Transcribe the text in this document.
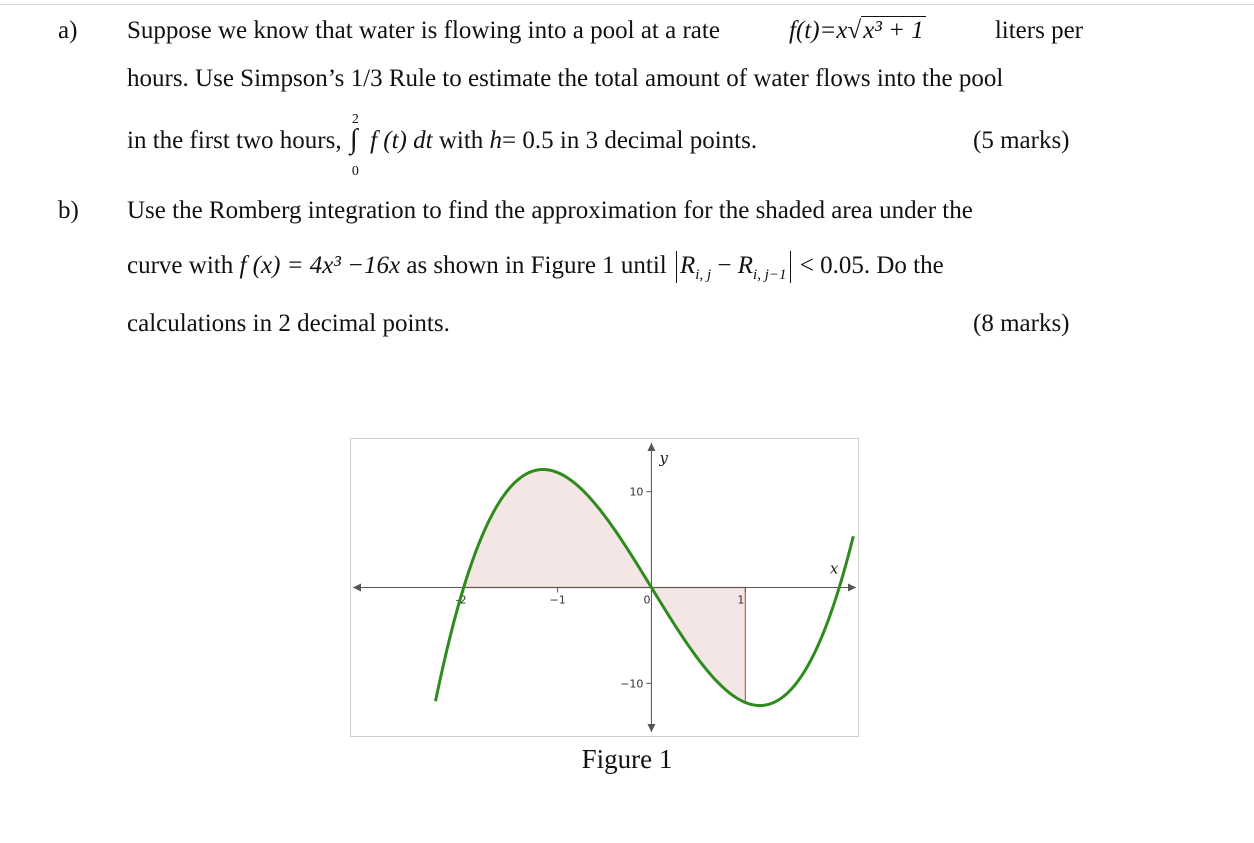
a) Suppose we know that water is flowing into a pool at a rate	f(t)=x√x³ + 1	liters per
hours. Use Simpson’s 1/3 Rule to estimate the total amount of water flows into the pool
in the first two hours,
2
∫
0
f (t) dt with h= 0.5 in 3 decimal points.	(5 marks)
b) Use the Romberg integration to find the approximation for the shaded area under the
curve with f (x) = 4x³ −16x as shown in Figure 1 until $R_{i, j} - R_{i, j-1} < 0.05$. Do the
calculations in 2 decimal points.	(8 marks)
-2	−1	0	1
10
−10
x
y
Figure 1
